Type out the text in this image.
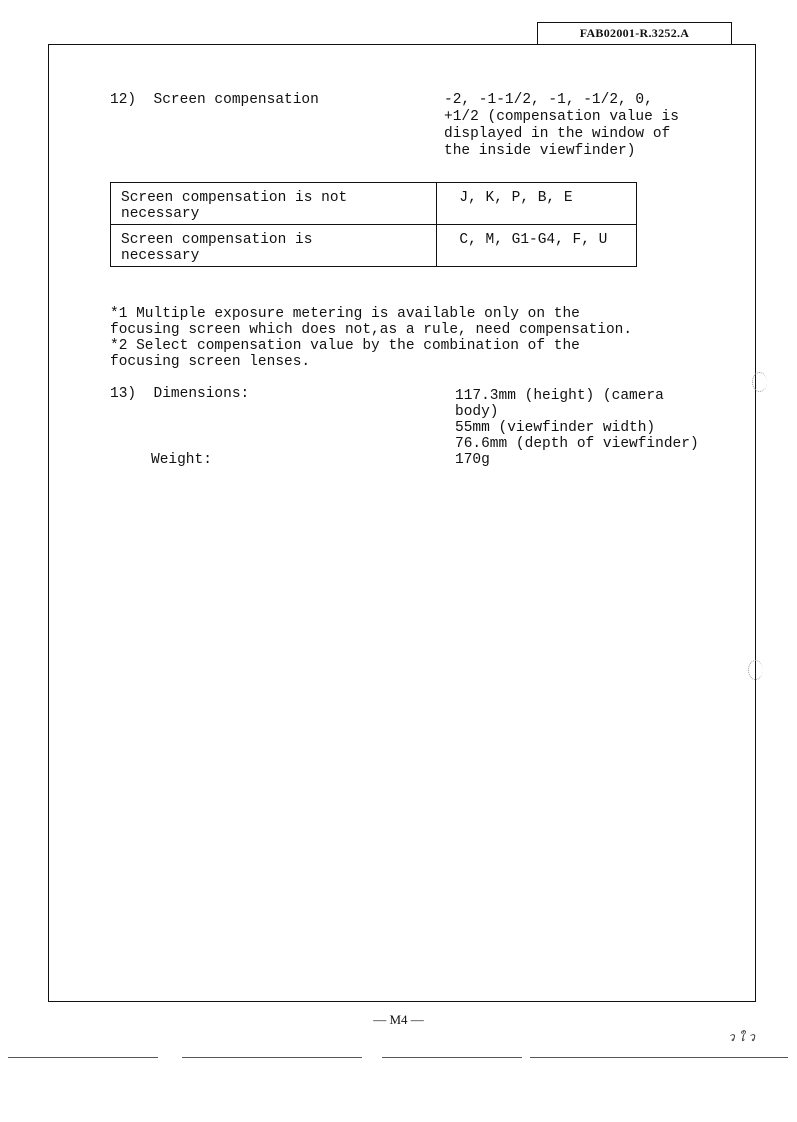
FAB02001-R.3252.A
12)  Screen compensation	-2, -1-1/2, -1, -1/2, 0,
+1/2 (compensation value is
displayed in the window of
the inside viewfinder)
Screen compensation is not
necessary	J, K, P, B, E
Screen compensation is
necessary	C, M, G1-G4, F, U
*1 Multiple exposure metering is available only on the
focusing screen which does not,as a rule, need compensation.
*2 Select compensation value by the combination of the
focusing screen lenses.
13)  Dimensions:	117.3mm (height) (camera
body)
55mm (viewfinder width)
76.6mm (depth of viewfinder)
Weight:	170g
— M4 —
ว ใ ว
